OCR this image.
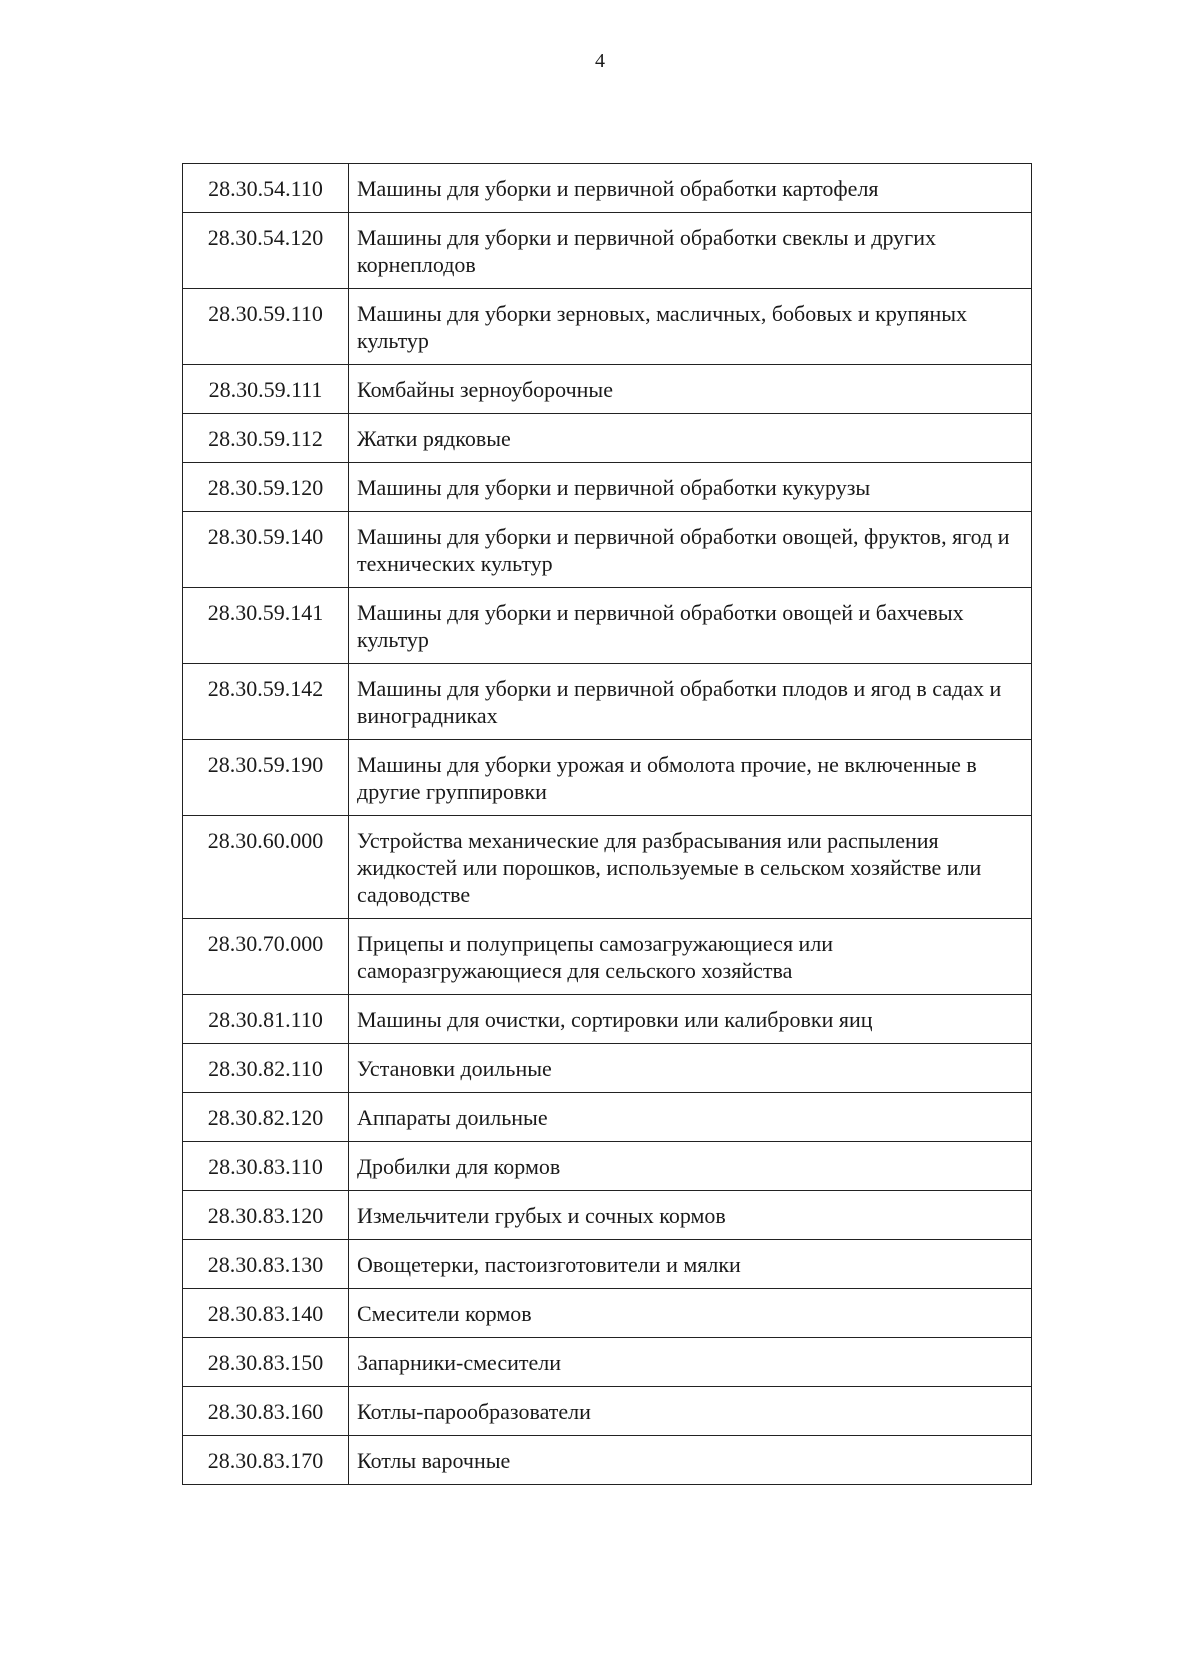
4
28.30.54.110	Машины для уборки и первичной обработки картофеля
28.30.54.120	Машины для уборки и первичной обработки свеклы и других корнеплодов
28.30.59.110	Машины для уборки зерновых, масличных, бобовых и крупяных культур
28.30.59.111	Комбайны зерноуборочные
28.30.59.112	Жатки рядковые
28.30.59.120	Машины для уборки и первичной обработки кукурузы
28.30.59.140	Машины для уборки и первичной обработки овощей, фруктов, ягод и технических культур
28.30.59.141	Машины для уборки и первичной обработки овощей и бахчевых культур
28.30.59.142	Машины для уборки и первичной обработки плодов и ягод в садах и виноградниках
28.30.59.190	Машины для уборки урожая и обмолота прочие, не включенные в другие группировки
28.30.60.000	Устройства механические для разбрасывания или распыления жидкостей или порошков, используемые в сельском хозяйстве или садоводстве
28.30.70.000	Прицепы и полуприцепы самозагружающиеся или саморазгружающиеся для сельского хозяйства
28.30.81.110	Машины для очистки, сортировки или калибровки яиц
28.30.82.110	Установки доильные
28.30.82.120	Аппараты доильные
28.30.83.110	Дробилки для кормов
28.30.83.120	Измельчители грубых и сочных кормов
28.30.83.130	Овощетерки, пастоизготовители и мялки
28.30.83.140	Смесители кормов
28.30.83.150	Запарники-смесители
28.30.83.160	Котлы-парообразователи
28.30.83.170	Котлы варочные
